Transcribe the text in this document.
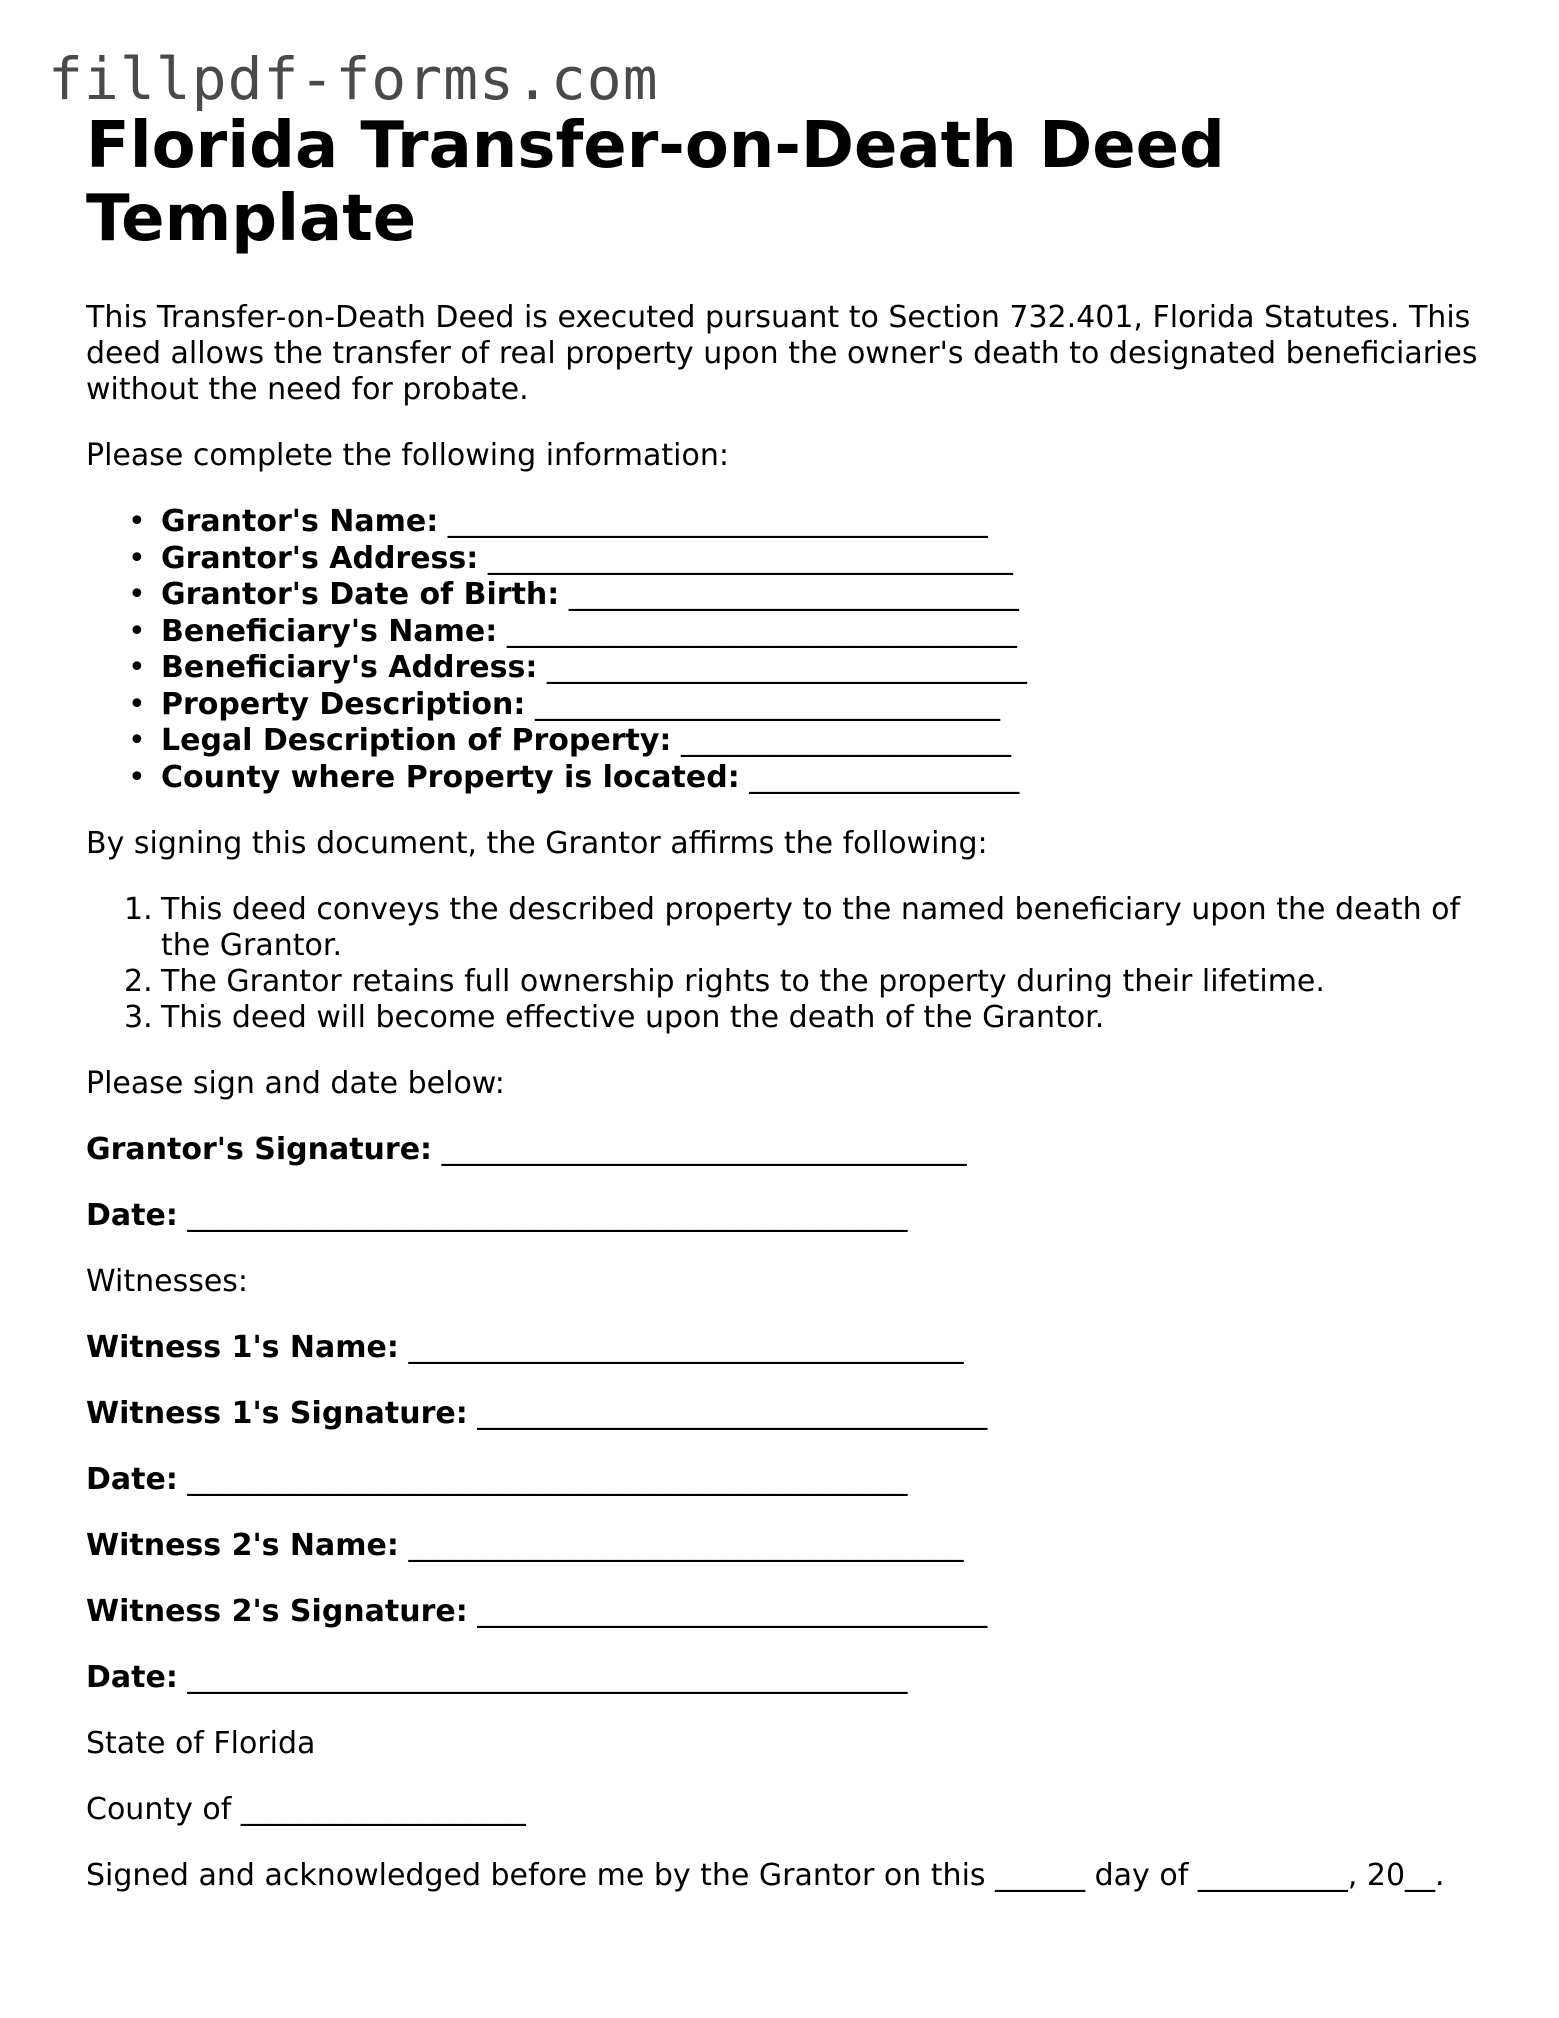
fillpdf-forms.com
Florida Transfer-on-Death Deed Template

This Transfer-on-Death Deed is executed pursuant to Section 732.401, Florida Statutes. This deed allows the transfer of real property upon the owner's death to designated beneficiaries without the need for probate.

Please complete the following information:

• Grantor's Name: ____________________________________
• Grantor's Address: ___________________________________
• Grantor's Date of Birth: ______________________________
• Beneficiary's Name: __________________________________
• Beneficiary's Address: ________________________________
• Property Description: _______________________________
• Legal Description of Property: ______________________
• County where Property is located: __________________

By signing this document, the Grantor affirms the following:

1. This deed conveys the described property to the named beneficiary upon the death of the Grantor.
2. The Grantor retains full ownership rights to the property during their lifetime.
3. This deed will become effective upon the death of the Grantor.

Please sign and date below:

Grantor's Signature: ___________________________________

Date: ________________________________________________

Witnesses:

Witness 1's Name: _____________________________________

Witness 1's Signature: __________________________________

Date: ________________________________________________

Witness 2's Name: _____________________________________

Witness 2's Signature: __________________________________

Date: ________________________________________________

State of Florida

County of ___________________

Signed and acknowledged before me by the Grantor on this ______ day of __________, 20__.
